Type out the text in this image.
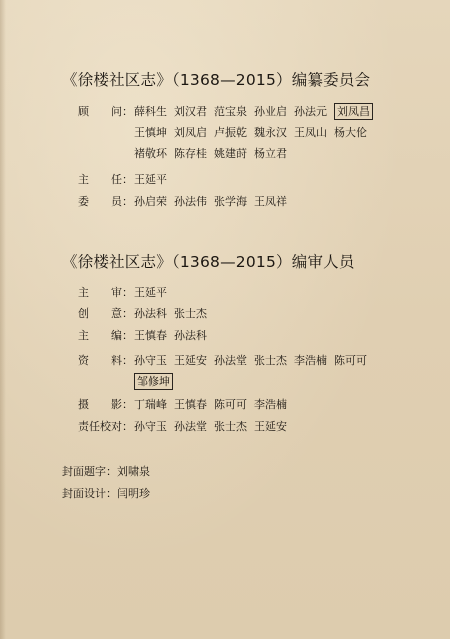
《徐楼社区志》（1368—2015）编纂委员会
顾　　问： 薛科生 刘汉君 范宝泉 孙业启 孙法元 刘凤昌
王慎坤 刘凤启 卢振乾 魏永汉 王凤山 杨大伦
褚敬环 陈存桂 姚建莳 杨立君
主　　任： 王延平
委　　员： 孙启荣 孙法伟 张学海 王凤祥
《徐楼社区志》（1368—2015）编审人员
主　　审： 王延平
创　　意： 孙法科 张士杰
主　　编： 王慎春 孙法科
资　　料： 孙守玉 王延安 孙法堂 张士杰 李浩楠 陈可可
邹修坤
摄　　影： 丁瑞峰 王慎春 陈可可 李浩楠
责任校对： 孙守玉 孙法堂 张士杰 王延安
封面题字：刘啸泉
封面设计：闫明珍
